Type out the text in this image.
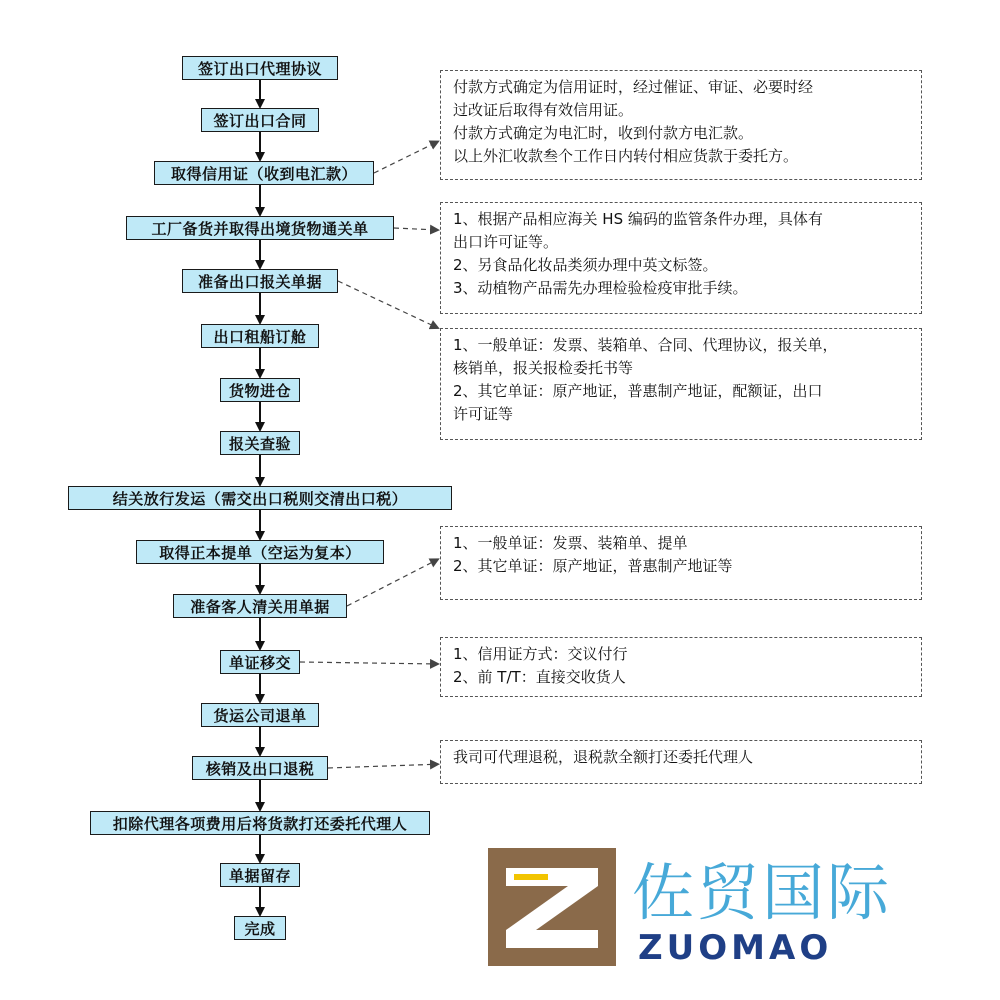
签订出口代理协议
签订出口合同
取得信用证（收到电汇款）
工厂备货并取得出境货物通关单
准备出口报关单据
出口租船订舱
货物进仓
报关查验
结关放行发运（需交出口税则交清出口税）
取得正本提单（空运为复本）
准备客人清关用单据
单证移交
货运公司退单
核销及出口退税
扣除代理各项费用后将货款打还委托代理人
单据留存
完成
付款方式确定为信用证时，经过催证、审证、必要时经
过改证后取得有效信用证。
付款方式确定为电汇时，收到付款方电汇款。
以上外汇收款叁个工作日内转付相应货款于委托方。
1、根据产品相应海关 HS 编码的监管条件办理，具体有
出口许可证等。
2、另食品化妆品类须办理中英文标签。
3、动植物产品需先办理检验检疫审批手续。
1、一般单证：发票、装箱单、合同、代理协议，报关单，
核销单，报关报检委托书等
2、其它单证：原产地证，普惠制产地证，配额证，出口
许可证等
1、一般单证：发票、装箱单、提单
2、其它单证：原产地证，普惠制产地证等
1、信用证方式：交议付行
2、前 T/T：直接交收货人
我司可代理退税，退税款全额打还委托代理人
佐贸国际
ZUOMAO
